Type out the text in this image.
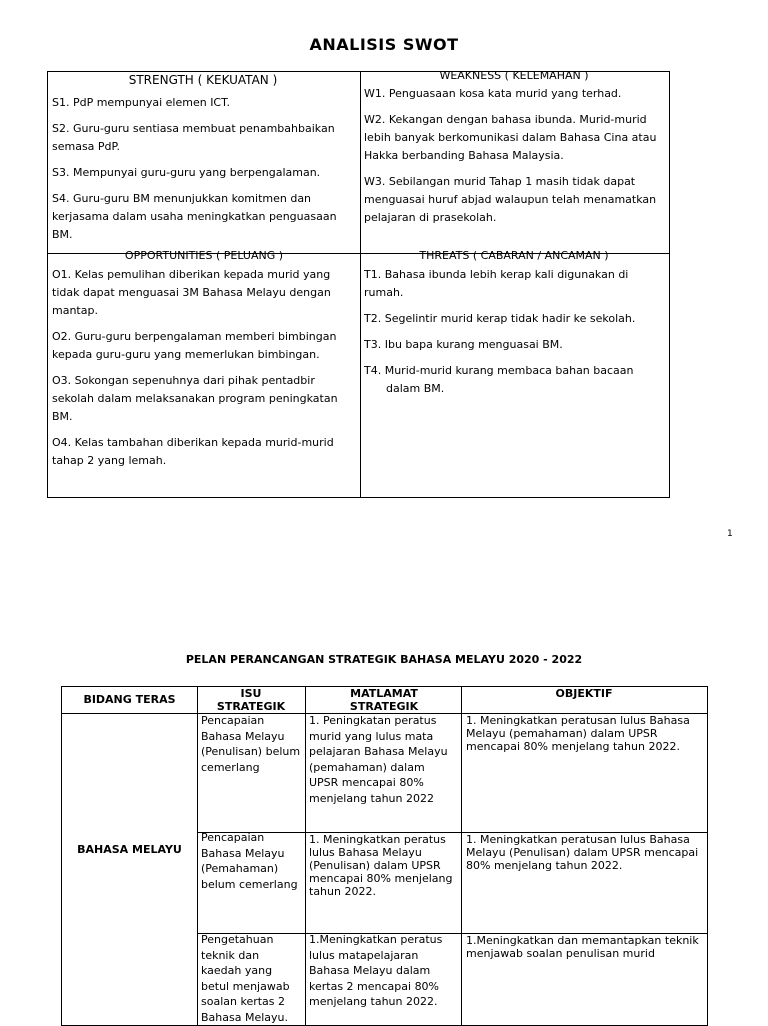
ANALISIS SWOT
STRENGTH ( KEKUATAN )

S1. PdP mempunyai elemen ICT.

S2. Guru-guru sentiasa membuat penambahbaikan semasa PdP.

S3. Mempunyai guru-guru yang berpengalaman.

S4. Guru-guru BM menunjukkan komitmen dan kerjasama dalam usaha meningkatkan penguasaan BM.

WEAKNESS ( KELEMAHAN )

W1. Penguasaan kosa kata murid yang terhad.

W2. Kekangan dengan bahasa ibunda. Murid-murid lebih banyak berkomunikasi dalam Bahasa Cina atau Hakka berbanding Bahasa Malaysia.

W3. Sebilangan murid Tahap 1 masih tidak dapat menguasai huruf abjad walaupun telah menamatkan pelajaran di prasekolah.

OPPORTUNITIES ( PELUANG )

O1. Kelas pemulihan diberikan kepada murid yang tidak dapat menguasai 3M Bahasa Melayu dengan mantap.

O2. Guru-guru berpengalaman memberi bimbingan kepada guru-guru yang memerlukan bimbingan.

O3. Sokongan sepenuhnya dari pihak pentadbir sekolah dalam melaksanakan program peningkatan BM.

O4. Kelas tambahan diberikan kepada murid-murid tahap 2 yang lemah.

THREATS ( CABARAN / ANCAMAN )

T1. Bahasa ibunda lebih kerap kali digunakan di rumah.

T2. Segelintir murid kerap tidak hadir ke sekolah.

T3. Ibu bapa kurang menguasai BM.

T4. Murid-murid kurang membaca bahan bacaan dalam BM.

1
PELAN PERANCANGAN STRATEGIK BAHASA MELAYU 2020 - 2022
BIDANG TERAS	ISU STRATEGIK
MATLAMAT STRATEGIK
OBJEKTIF
BAHASA MELAYU
Pencapaian Bahasa Melayu (Penulisan) belum cemerlang
1. Peningkatan peratus murid yang lulus mata pelajaran Bahasa Melayu (pemahaman) dalam UPSR mencapai 80% menjelang tahun 2022
1. Meningkatkan peratusan lulus Bahasa Melayu (pemahaman) dalam UPSR mencapai 80% menjelang tahun 2022.
Pencapaian Bahasa Melayu (Pemahaman) belum cemerlang
1. Meningkatkan peratus lulus Bahasa Melayu (Penulisan) dalam UPSR mencapai 80% menjelang tahun 2022.
1. Meningkatkan peratusan lulus Bahasa Melayu (Penulisan) dalam UPSR mencapai 80% menjelang tahun 2022.
Pengetahuan teknik dan kaedah yang betul menjawab soalan kertas 2 Bahasa Melayu.
1.Meningkatkan peratus lulus matapelajaran Bahasa Melayu dalam kertas 2 mencapai 80% menjelang tahun 2022.
1.Meningkatkan dan memantapkan teknik menjawab soalan penulisan murid
